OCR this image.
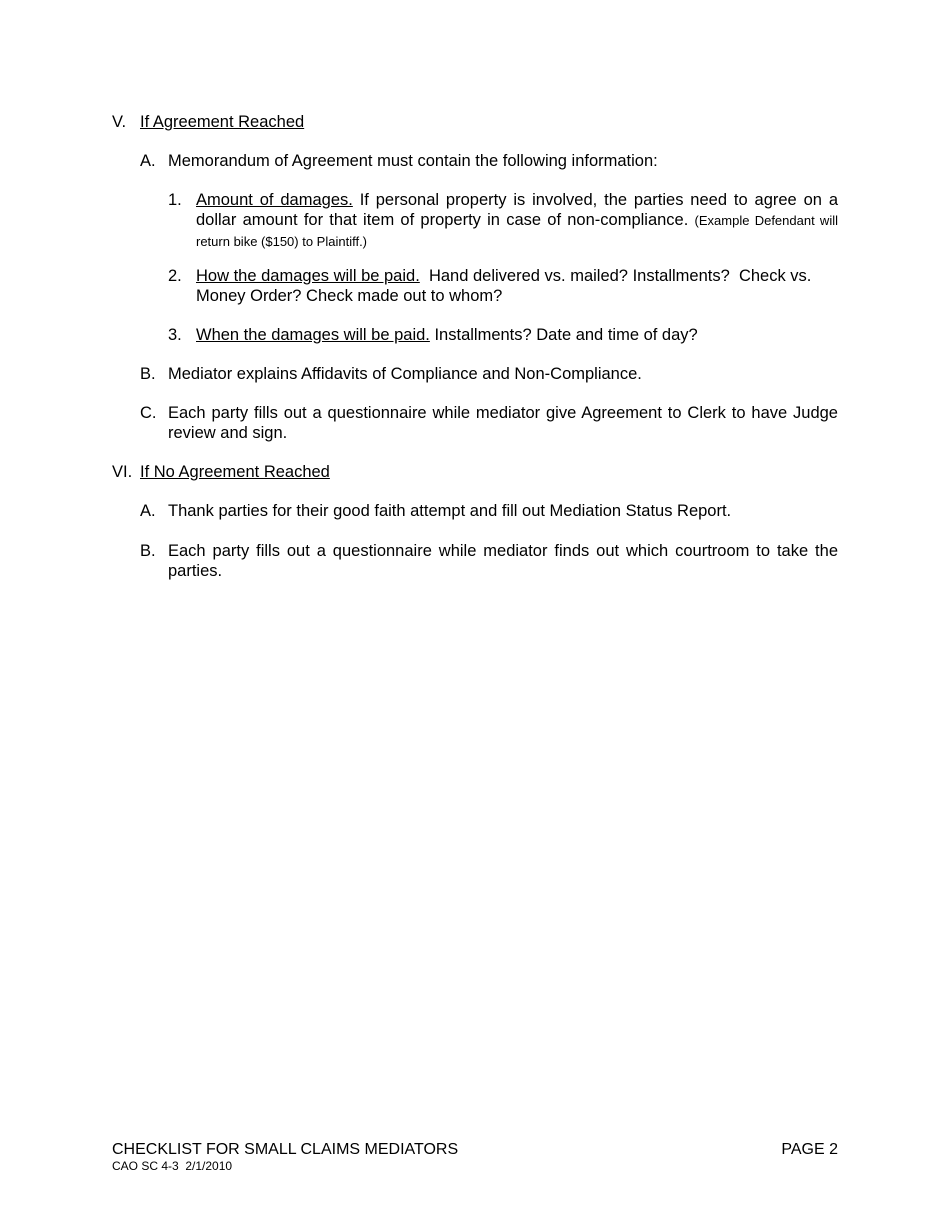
V. If Agreement Reached
A. Memorandum of Agreement must contain the following information:
1. Amount of damages. If personal property is involved, the parties need to agree on a dollar amount for that item of property in case of non-compliance. (Example Defendant will return bike ($150) to Plaintiff.)
2. How the damages will be paid.  Hand delivered vs. mailed? Installments?  Check vs. Money Order? Check made out to whom?
3. When the damages will be paid. Installments? Date and time of day?
B. Mediator explains Affidavits of Compliance and Non-Compliance.
C. Each party fills out a questionnaire while mediator give Agreement to Clerk to have Judge review and sign.
VI. If No Agreement Reached
A. Thank parties for their good faith attempt and fill out Mediation Status Report.
B. Each party fills out a questionnaire while mediator finds out which courtroom to take the parties.
CHECKLIST FOR SMALL CLAIMS MEDIATORS
CAO SC 4-3  2/1/2010
PAGE 2
